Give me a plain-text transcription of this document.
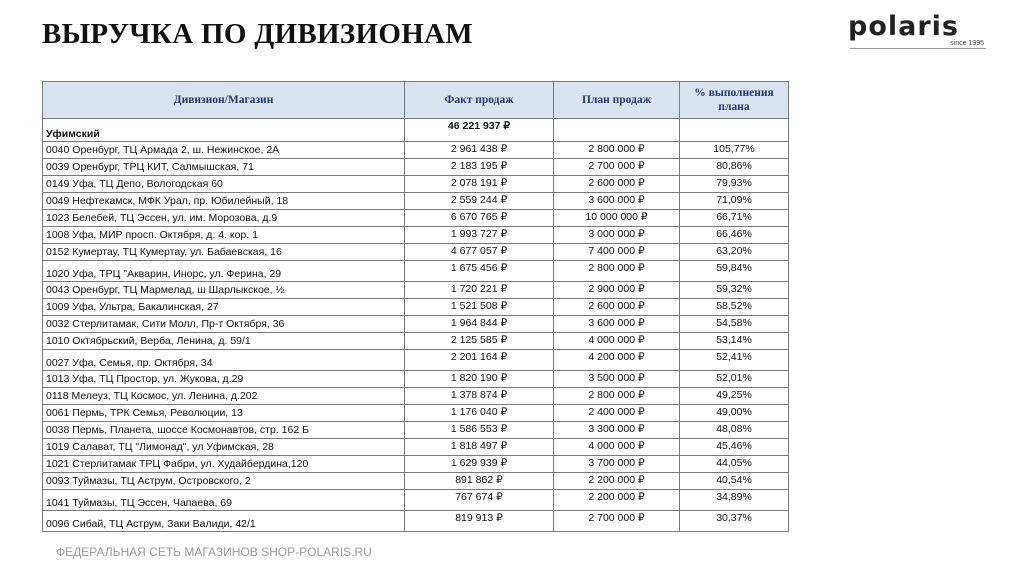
ВЫРУЧКА ПО ДИВИЗИОНАМ	polaris
since 1995
Дивизион/Магазин	Факт продаж	План продаж	% выполнения плана
Уфимский	46 221 937 ₽		
0040 Оренбург, ТЦ Армада 2, ш. Нежинское, 2А	2 961 438 ₽	2 800 000 ₽	105,77%
0039 Оренбург, ТРЦ КИТ, Салмышская, 71	2 183 195 ₽	2 700 000 ₽	80,86%
0149 Уфа, ТЦ Депо, Вологодская 60	2 078 191 ₽	2 600 000 ₽	79,93%
0049 Нефтекамск, МФК Урал, пр. Юбилейный, 18	2 559 244 ₽	3 600 000 ₽	71,09%
1023 Белебей, ТЦ Эссен, ул. им. Морозова, д.9	6 670 765 ₽	10 000 000 ₽	66,71%
1008 Уфа, МИР просп. Октября, д. 4. кор. 1	1 993 727 ₽	3 000 000 ₽	66,46%
0152 Кумертау, ТЦ Кумертау, ул. Бабаевская, 16	4 677 057 ₽	7 400 000 ₽	63,20%
1020 Уфа, ТРЦ "Акварин, Инорс, ул. Ферина, 29	1 675 456 ₽	2 800 000 ₽	59,84%
0043 Оренбург, ТЦ Мармелад, ш Шарлыкское, ½	1 720 221 ₽	2 900 000 ₽	59,32%
1009 Уфа, Ультра, Бакалинская, 27	1 521 508 ₽	2 600 000 ₽	58,52%
0032 Стерлитамак, Сити Молл, Пр-т Октября, 36	1 964 844 ₽	3 600 000 ₽	54,58%
1010 Октябрьский, Верба, Ленина, д. 59/1	2 125 585 ₽	4 000 000 ₽	53,14%
0027 Уфа, Семья, пр. Октября, 34	2 201 164 ₽	4 200 000 ₽	52,41%
1013 Уфа, ТЦ Простор, ул. Жукова, д.29	1 820 190 ₽	3 500 000 ₽	52,01%
0118 Мелеуз, ТЦ Космос, ул. Ленина, д.202	1 378 874 ₽	2 800 000 ₽	49,25%
0061 Пермь, ТРК Семья, Революции, 13	1 176 040 ₽	2 400 000 ₽	49,00%
0038 Пермь, Планета, шоссе Космонавтов, стр. 162 Б	1 586 553 ₽	3 300 000 ₽	48,08%
1019 Салават, ТЦ "Лимонад", ул Уфимская, 28	1 818 497 ₽	4 000 000 ₽	45,46%
1021 Стерлитамак ТРЦ Фабри, ул. Худайбердина,120	1 629 939 ₽	3 700 000 ₽	44,05%
0093 Туймазы, ТЦ Аструм, Островского, 2	891 862 ₽	2 200 000 ₽	40,54%
1041 Туймазы, ТЦ Эссен, Чапаева, 69	767 674 ₽	2 200 000 ₽	34,89%
0096 Сибай, ТЦ Аструм, Заки Валиди, 42/1	819 913 ₽	2 700 000 ₽	30,37%
ФЕДЕРАЛЬНАЯ СЕТЬ МАГАЗИНОВ SHOP-POLARIS.RU
